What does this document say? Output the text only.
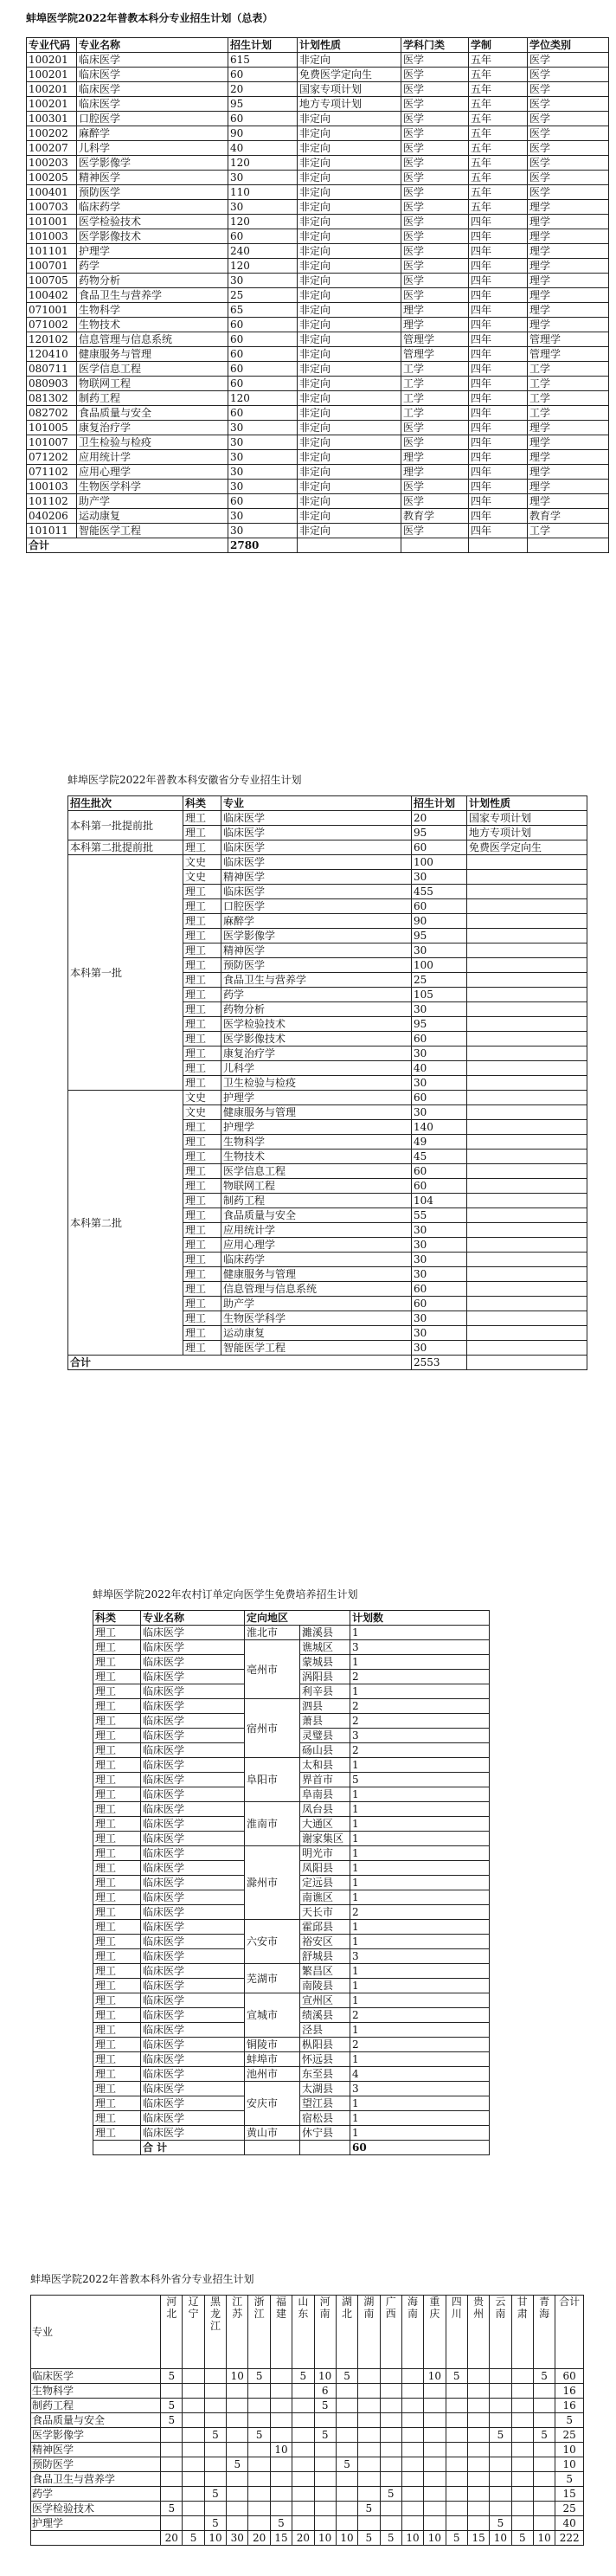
蚌埠医学院2022年普教本科分专业招生计划（总表）
专业代码	专业名称	招生计划	计划性质	学科门类	学制	学位类别
100201	临床医学	615	非定向	医学	五年	医学
100201	临床医学	60	免费医学定向生	医学	五年	医学
100201	临床医学	20	国家专项计划	医学	五年	医学
100201	临床医学	95	地方专项计划	医学	五年	医学
100301	口腔医学	60	非定向	医学	五年	医学
100202	麻醉学	90	非定向	医学	五年	医学
100207	儿科学	40	非定向	医学	五年	医学
100203	医学影像学	120	非定向	医学	五年	医学
100205	精神医学	30	非定向	医学	五年	医学
100401	预防医学	110	非定向	医学	五年	医学
100703	临床药学	30	非定向	医学	五年	理学
101001	医学检验技术	120	非定向	医学	四年	理学
101003	医学影像技术	60	非定向	医学	四年	理学
101101	护理学	240	非定向	医学	四年	理学
100701	药学	120	非定向	医学	四年	理学
100705	药物分析	30	非定向	医学	四年	理学
100402	食品卫生与营养学	25	非定向	医学	四年	理学
071001	生物科学	65	非定向	理学	四年	理学
071002	生物技术	60	非定向	理学	四年	理学
120102	信息管理与信息系统	60	非定向	管理学	四年	管理学
120410	健康服务与管理	60	非定向	管理学	四年	管理学
080711	医学信息工程	60	非定向	工学	四年	工学
080903	物联网工程	60	非定向	工学	四年	工学
081302	制药工程	120	非定向	工学	四年	工学
082702	食品质量与安全	60	非定向	工学	四年	工学
101005	康复治疗学	30	非定向	医学	四年	理学
101007	卫生检验与检疫	30	非定向	医学	四年	理学
071202	应用统计学	30	非定向	理学	四年	理学
071102	应用心理学	30	非定向	理学	四年	理学
100103	生物医学科学	30	非定向	医学	四年	理学
101102	助产学	60	非定向	医学	四年	理学
040206	运动康复	30	非定向	教育学	四年	教育学
101011	智能医学工程	30	非定向	医学	四年	工学
合计		2780				
蚌埠医学院2022年普教本科安徽省分专业招生计划
招生批次	科类	专业	招生计划	计划性质
本科第一批提前批	理工	临床医学	20	国家专项计划
	理工	临床医学	95	地方专项计划
本科第二批提前批	理工	临床医学	60	免费医学定向生
本科第一批	文史	临床医学	100	
	文史	精神医学	30	
	理工	临床医学	455	
	理工	口腔医学	60	
	理工	麻醉学	90	
	理工	医学影像学	95	
	理工	精神医学	30	
	理工	预防医学	100	
	理工	食品卫生与营养学	25	
	理工	药学	105	
	理工	药物分析	30	
	理工	医学检验技术	95	
	理工	医学影像技术	60	
	理工	康复治疗学	30	
	理工	儿科学	40	
	理工	卫生检验与检疫	30	
本科第二批	文史	护理学	60	
	文史	健康服务与管理	30	
	理工	护理学	140	
	理工	生物科学	49	
	理工	生物技术	45	
	理工	医学信息工程	60	
	理工	物联网工程	60	
	理工	制药工程	104	
	理工	食品质量与安全	55	
	理工	应用统计学	30	
	理工	应用心理学	30	
	理工	临床药学	30	
	理工	健康服务与管理	30	
	理工	信息管理与信息系统	60	
	理工	助产学	60	
	理工	生物医学科学	30	
	理工	运动康复	30	
	理工	智能医学工程	30	
合计			2553	
蚌埠医学院2022年农村订单定向医学生免费培养招生计划
科类	专业名称	定向地区		计划数
理工	临床医学	淮北市	濉溪县	1
理工	临床医学	亳州市	谯城区	3
理工	临床医学		蒙城县	1
理工	临床医学		涡阳县	2
理工	临床医学		利辛县	1
理工	临床医学	宿州市	泗县	2
理工	临床医学		萧县	2
理工	临床医学		灵璧县	3
理工	临床医学		砀山县	2
理工	临床医学	阜阳市	太和县	1
理工	临床医学		界首市	5
理工	临床医学		阜南县	1
理工	临床医学	淮南市	凤台县	1
理工	临床医学		大通区	1
理工	临床医学		谢家集区	1
理工	临床医学	滁州市	明光市	1
理工	临床医学		凤阳县	1
理工	临床医学		定远县	1
理工	临床医学		南谯区	1
理工	临床医学		天长市	2
理工	临床医学	六安市	霍邱县	1
理工	临床医学		裕安区	1
理工	临床医学		舒城县	3
理工	临床医学	芜湖市	繁昌区	1
理工	临床医学		南陵县	1
理工	临床医学	宣城市	宣州区	1
理工	临床医学		绩溪县	2
理工	临床医学		泾县	1
理工	临床医学	铜陵市	枞阳县	2
理工	临床医学	蚌埠市	怀远县	1
理工	临床医学	池州市	东至县	4
理工	临床医学	安庆市	太湖县	3
理工	临床医学		望江县	1
理工	临床医学		宿松县	1
理工	临床医学	黄山市	休宁县	1
	合 计			60
蚌埠医学院2022年普教本科外省分专业招生计划
专业	河北	辽宁	黑龙江	江苏	浙江	福建	山东	河南	湖北	湖南	广西	海南	重庆	四川	贵州	云南	甘肃	青海	合计
临床医学	5			10	5		5	10	5				10	5				5	60
生物科学								6											16
制药工程	5							5											16
食品质量与安全	5																		5
医学影像学			5		5			5								5		5	25
精神医学						10													10
预防医学				5					5										10
食品卫生与营养学																			5
药学			5								5								15
医学检验技术	5									5									25
护理学			5			5										5			40
	20	5	10	30	20	15	20	10	10	5	5	10	10	5	15	10	5	10	222
